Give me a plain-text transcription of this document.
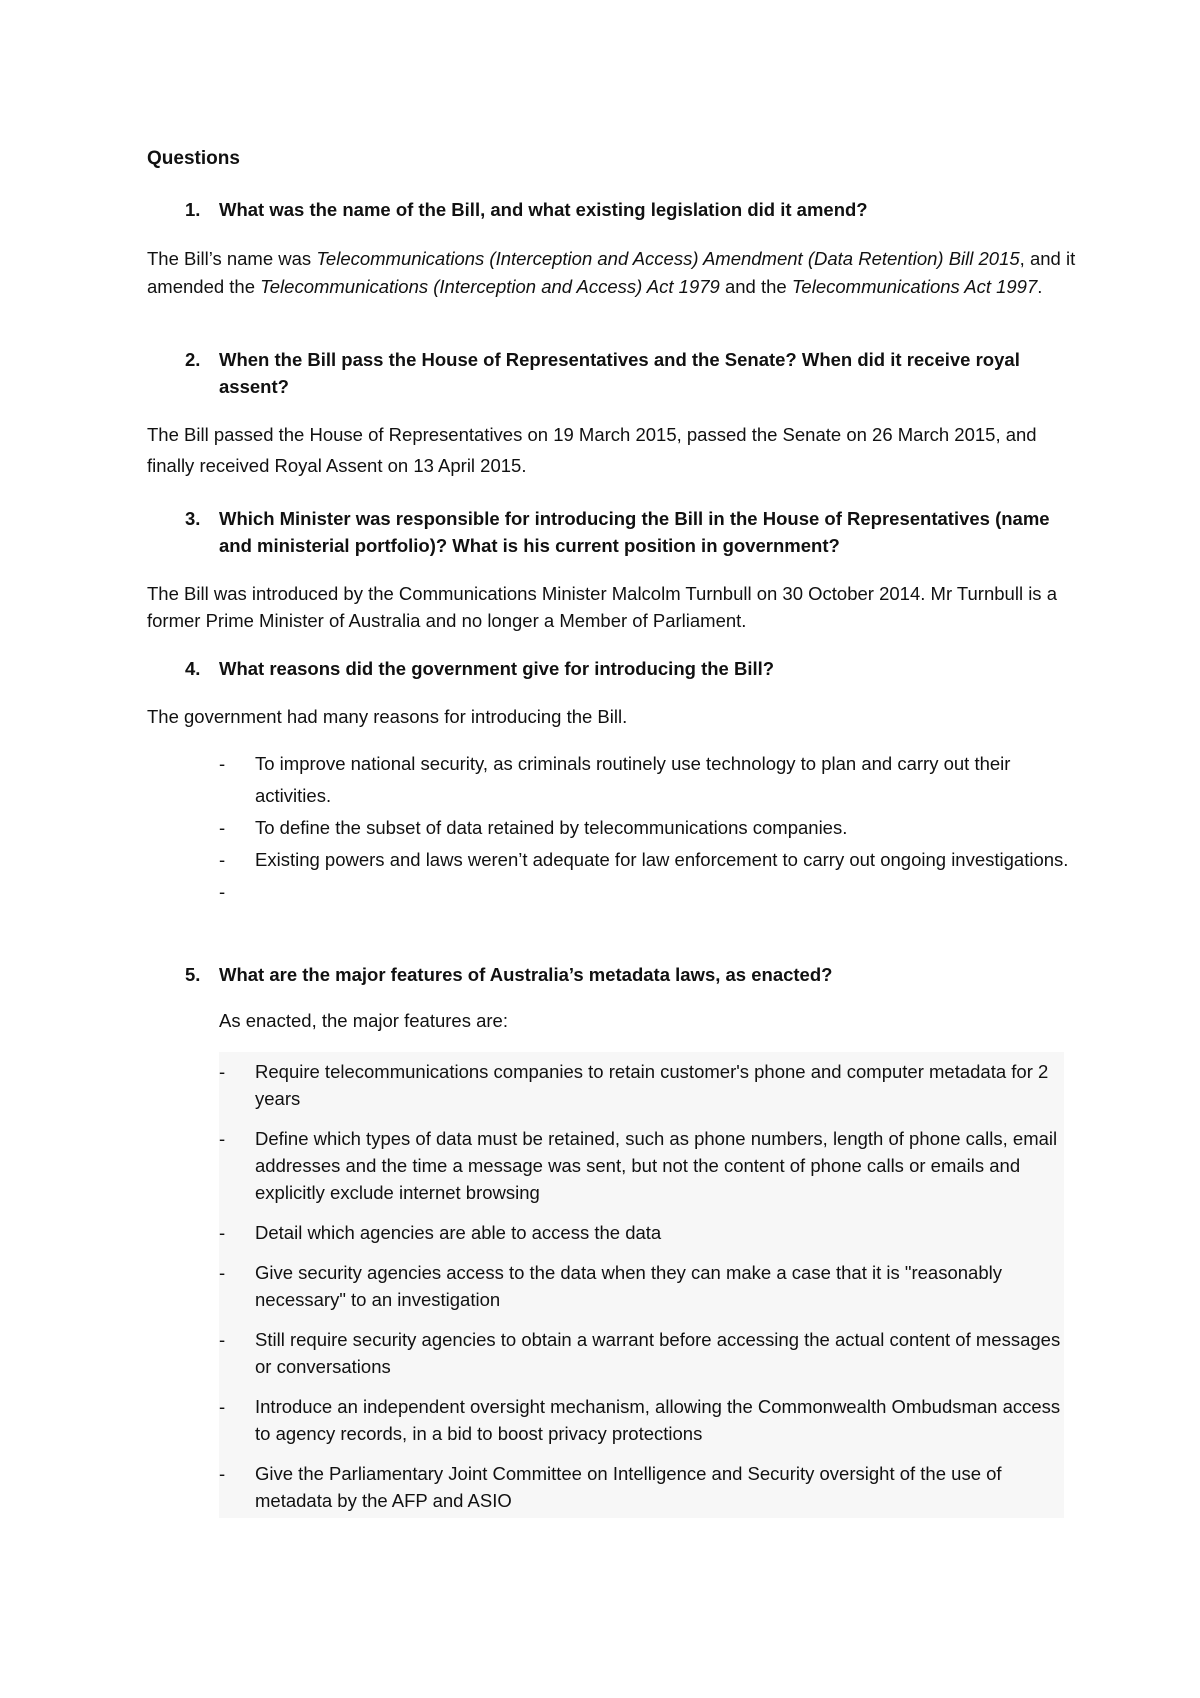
Questions
1. What was the name of the Bill, and what existing legislation did it amend?
The Bill’s name was Telecommunications (Interception and Access) Amendment (Data Retention) Bill 2015, and it amended the Telecommunications (Interception and Access) Act 1979 and the Telecommunications Act 1997.
2. When the Bill pass the House of Representatives and the Senate? When did it receive royal assent?
The Bill passed the House of Representatives on 19 March 2015, passed the Senate on 26 March 2015, and finally received Royal Assent on 13 April 2015.
3. Which Minister was responsible for introducing the Bill in the House of Representatives (name and ministerial portfolio)? What is his current position in government?
The Bill was introduced by the Communications Minister Malcolm Turnbull on 30 October 2014. Mr Turnbull is a former Prime Minister of Australia and no longer a Member of Parliament.
4. What reasons did the government give for introducing the Bill?
The government had many reasons for introducing the Bill.
- To improve national security, as criminals routinely use technology to plan and carry out their activities.
- To define the subset of data retained by telecommunications companies.
- Existing powers and laws weren’t adequate for law enforcement to carry out ongoing investigations.
-

5. What are the major features of Australia’s metadata laws, as enacted?
As enacted, the major features are:
- Require telecommunications companies to retain customer's phone and computer metadata for 2 years
- Define which types of data must be retained, such as phone numbers, length of phone calls, email addresses and the time a message was sent, but not the content of phone calls or emails and explicitly exclude internet browsing
- Detail which agencies are able to access the data
- Give security agencies access to the data when they can make a case that it is "reasonably necessary" to an investigation
- Still require security agencies to obtain a warrant before accessing the actual content of messages or conversations
- Introduce an independent oversight mechanism, allowing the Commonwealth Ombudsman access to agency records, in a bid to boost privacy protections
- Give the Parliamentary Joint Committee on Intelligence and Security oversight of the use of metadata by the AFP and ASIO
